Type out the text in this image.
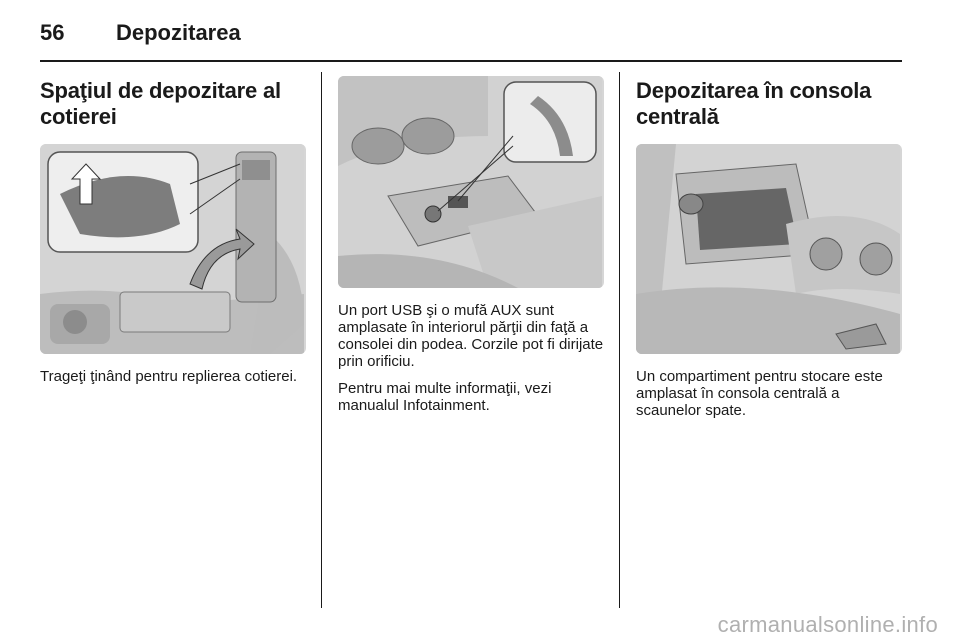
56 Depozitarea
Spaţiul de depozitare al cotierei

Trageţi ţinând pentru replierea cotierei.

Un port USB şi o mufă AUX sunt amplasate în interiorul părţii din faţă a consolei din podea. Corzile pot fi dirijate prin orificiu.

Pentru mai multe informaţii, vezi manualul Infotainment.

Depozitarea în consola centrală

Un compartiment pentru stocare este amplasat în consola centrală a scaunelor spate.

carmanualsonline.info
